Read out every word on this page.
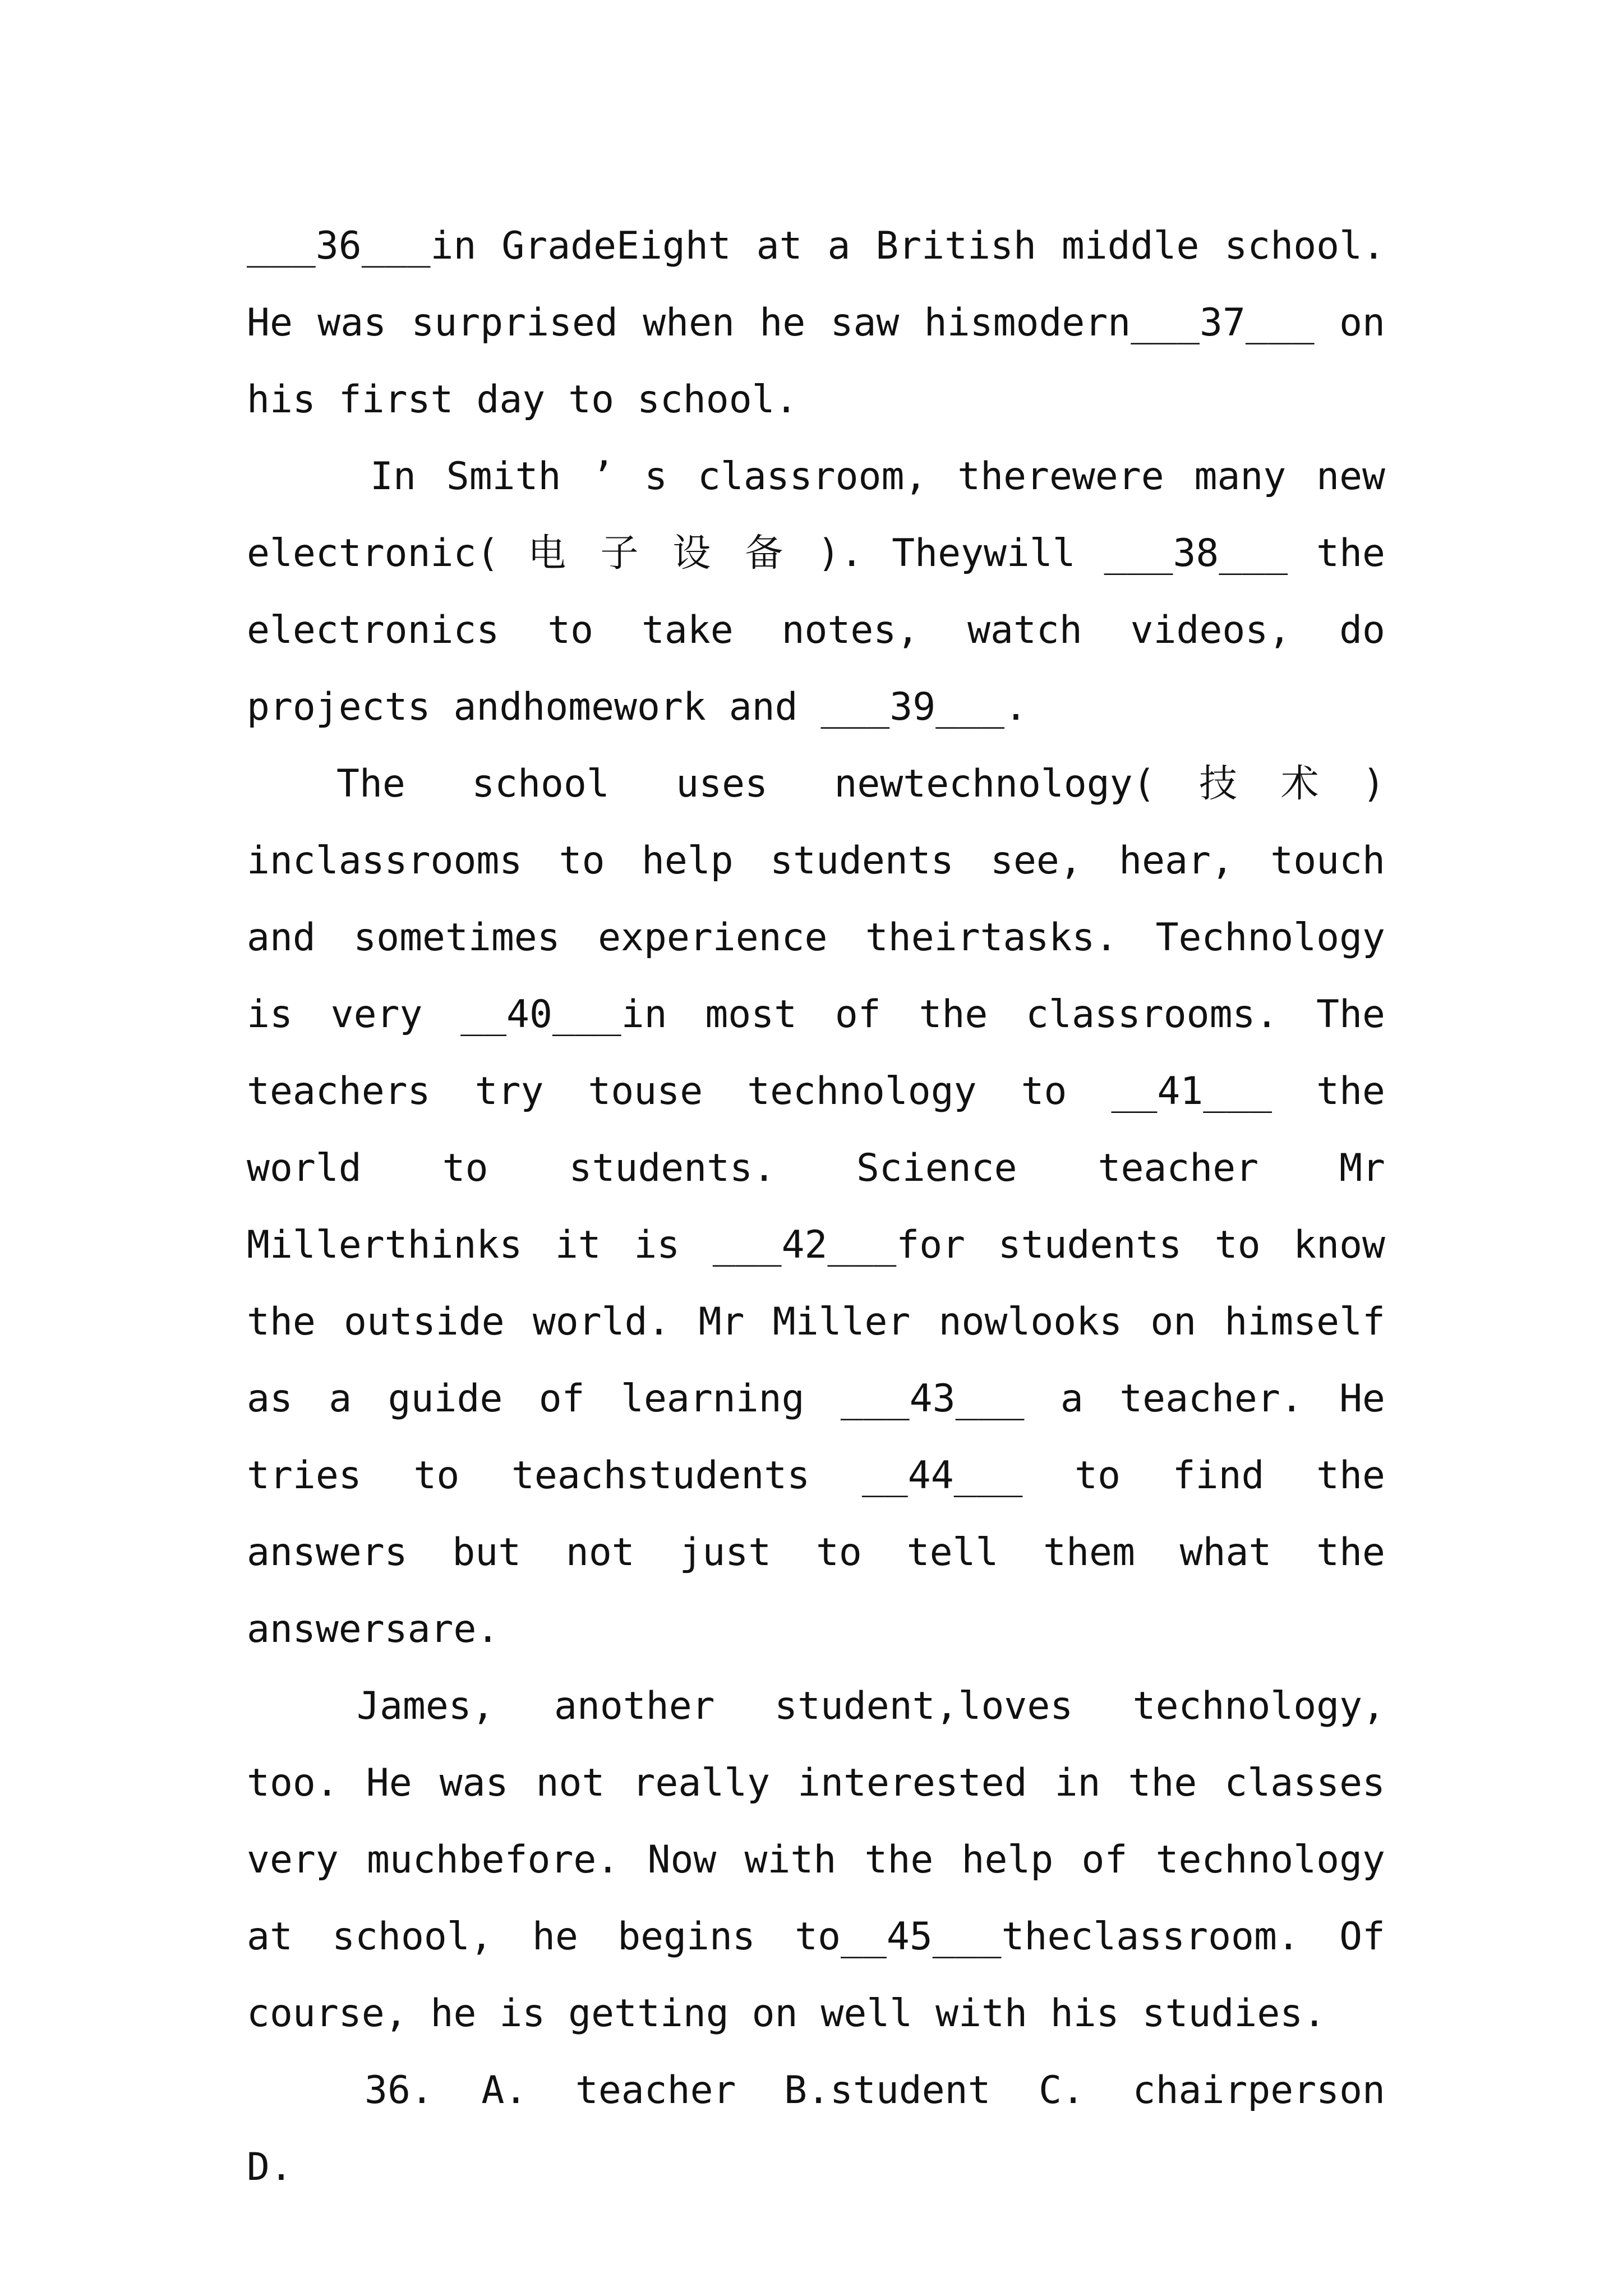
___36___in GradeEight at a British middle school. He was surprised when he saw hismodern___37___ on his first day to school.

In Smith ’ s classroom, therewere many new electronic( 电 子 设 备 ). Theywill ___38___ the electronics to take notes, watch videos, do projects andhomework and ___39___.

The school uses newtechnology(技术) inclassrooms to help students see, hear, touch and sometimes experience theirtasks. Technology is very __40___in most of the classrooms. The teachers try touse technology to __41___ the world to students. Science teacher Mr Millerthinks it is ___42___for students to know the outside world. Mr Miller nowlooks on himself as a guide of learning ___43___ a teacher. He tries to teachstudents __44___ to find the answers but not just to tell them what the answersare.

James, another student,loves technology, too. He was not really interested in the classes very muchbefore. Now with the help of technology at school, he begins to__45___theclassroom. Of course, he is getting on well with his studies.

36. A. teacher B.student C. chairperson D.
